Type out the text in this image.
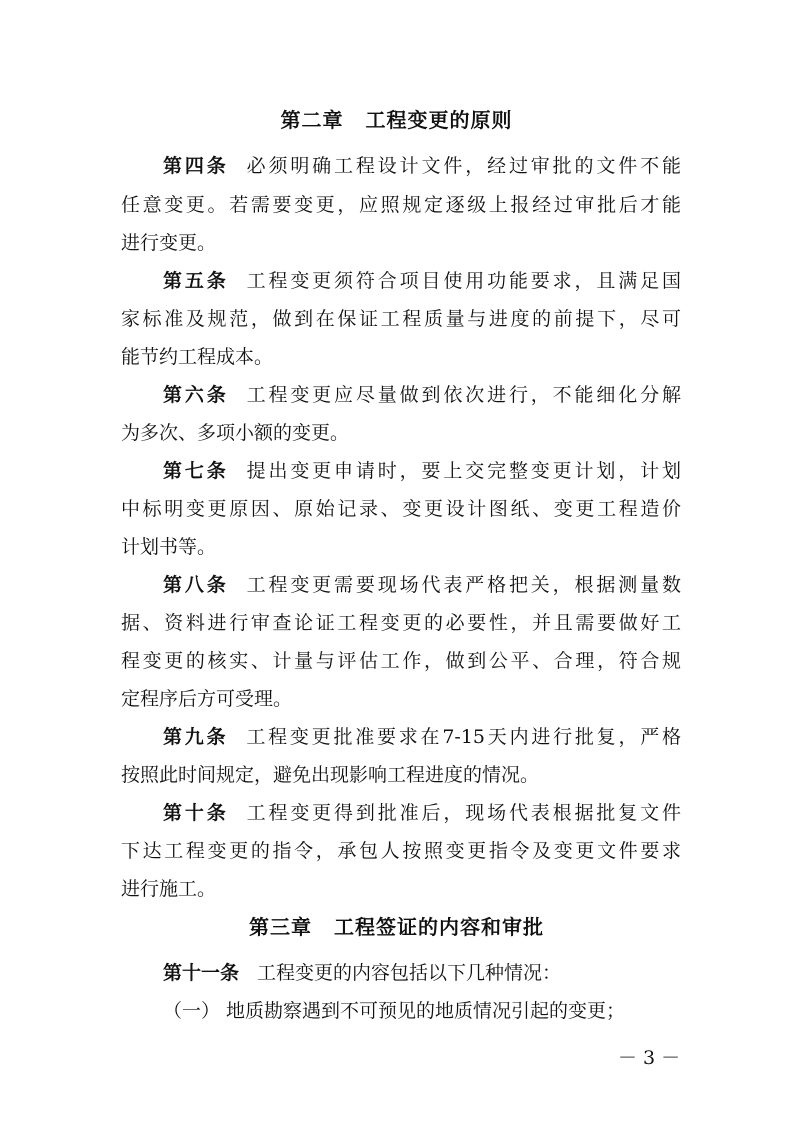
第二章 工程变更的原则
第四条 必须明确工程设计文件，经过审批的文件不能
任意变更。若需要变更，应照规定逐级上报经过审批后才能
进行变更。
第五条 工程变更须符合项目使用功能要求，且满足国
家标准及规范，做到在保证工程质量与进度的前提下，尽可
能节约工程成本。
第六条 工程变更应尽量做到依次进行，不能细化分解
为多次、多项小额的变更。
第七条 提出变更申请时，要上交完整变更计划，计划
中标明变更原因、原始记录、变更设计图纸、变更工程造价
计划书等。
第八条 工程变更需要现场代表严格把关，根据测量数
据、资料进行审查论证工程变更的必要性，并且需要做好工
程变更的核实、计量与评估工作，做到公平、合理，符合规
定程序后方可受理。
第九条 工程变更批准要求在7-15天内进行批复，严格
按照此时间规定，避免出现影响工程进度的情况。
第十条 工程变更得到批准后，现场代表根据批复文件
下达工程变更的指令，承包人按照变更指令及变更文件要求
进行施工。
第三章 工程签证的内容和审批
第十一条 工程变更的内容包括以下几种情况：
（一） 地质勘察遇到不可预见的地质情况引起的变更；
－ 3 －
